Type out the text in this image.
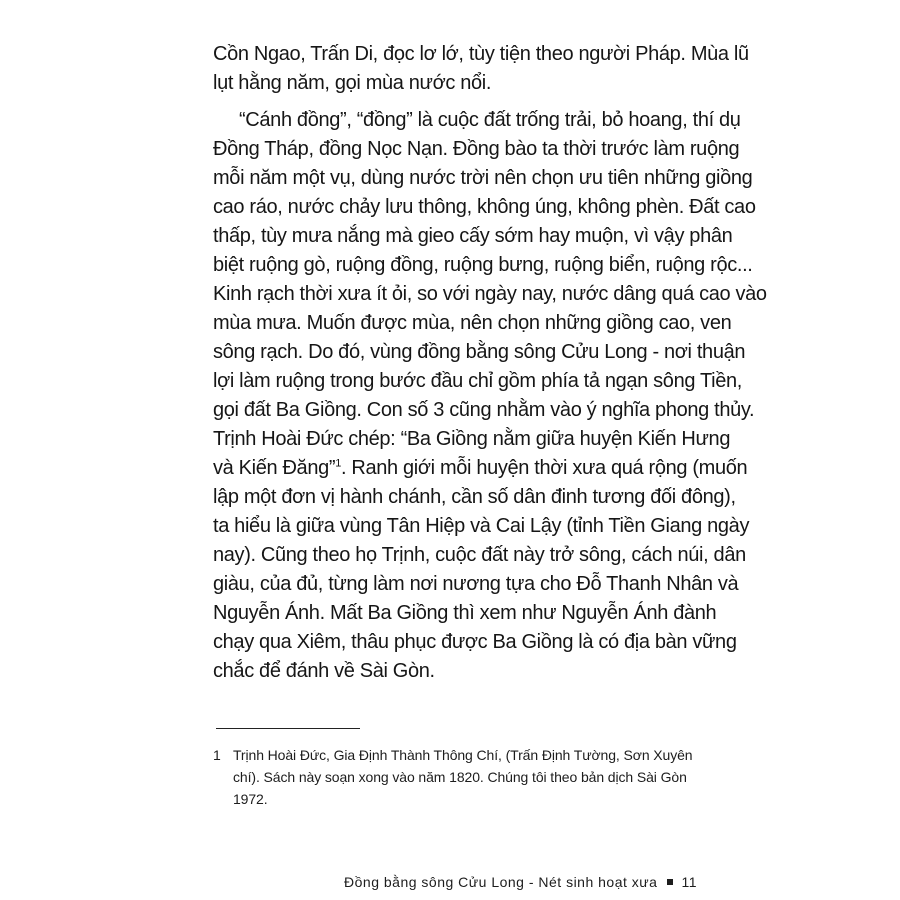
Cồn Ngao, Trấn Di, đọc lơ lớ, tùy tiện theo người Pháp. Mùa lũ
lụt hằng năm, gọi mùa nước nổi.
“Cánh đồng”, “đồng” là cuộc đất trống trải, bỏ hoang, thí dụ
Đồng Tháp, đồng Nọc Nạn. Đồng bào ta thời trước làm ruộng
mỗi năm một vụ, dùng nước trời nên chọn ưu tiên những giồng
cao ráo, nước chảy lưu thông, không úng, không phèn. Đất cao
thấp, tùy mưa nắng mà gieo cấy sớm hay muộn, vì vậy phân
biệt ruộng gò, ruộng đồng, ruộng bưng, ruộng biển, ruộng rộc...
Kinh rạch thời xưa ít ỏi, so với ngày nay, nước dâng quá cao vào
mùa mưa. Muốn được mùa, nên chọn những giồng cao, ven
sông rạch. Do đó, vùng đồng bằng sông Cửu Long - nơi thuận
lợi làm ruộng trong bước đầu chỉ gồm phía tả ngạn sông Tiền,
gọi đất Ba Giồng. Con số 3 cũng nhằm vào ý nghĩa phong thủy.
Trịnh Hoài Đức chép: “Ba Giồng nằm giữa huyện Kiến Hưng
và Kiến Đăng”$^1$. Ranh giới mỗi huyện thời xưa quá rộng (muốn
lập một đơn vị hành chánh, cần số dân đinh tương đối đông),
ta hiểu là giữa vùng Tân Hiệp và Cai Lậy (tỉnh Tiền Giang ngày
nay). Cũng theo họ Trịnh, cuộc đất này trở sông, cách núi, dân
giàu, của đủ, từng làm nơi nương tựa cho Đỗ Thanh Nhân và
Nguyễn Ánh. Mất Ba Giồng thì xem như Nguyễn Ánh đành
chạy qua Xiêm, thâu phục được Ba Giồng là có địa bàn vững
chắc để đánh về Sài Gòn.
1 Trịnh Hoài Đức, Gia Định Thành Thông Chí, (Trấn Định Tường, Sơn Xuyên
chí). Sách này soạn xong vào năm 1820. Chúng tôi theo bản dịch Sài Gòn
1972.
Đồng bằng sông Cửu Long - Nét sinh hoạt xưa 11
